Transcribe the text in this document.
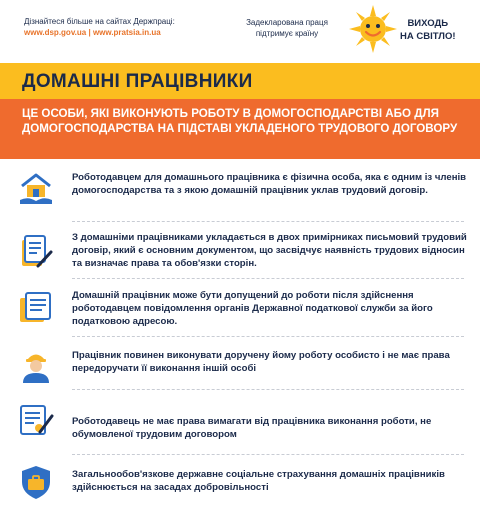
Дізнайтеся більше на сайтах Держпраці:
www.dsp.gov.ua | www.pratsia.in.ua
Задекларована праця
підтримує країну
ВИХОДЬ
НА СВІТЛО!
ДОМАШНІ ПРАЦІВНИКИ

ЦЕ ОСОБИ, ЯКІ ВИКОНУЮТЬ РОБОТУ В ДОМОГОСПОДАРСТВІ АБО ДЛЯ ДОМОГОСПОДАРСТВА НА ПІДСТАВІ УКЛАДЕНОГО ТРУДОВОГО ДОГОВОРУ

Роботодавцем для домашнього працівника є фізична особа, яка є одним із членів домогосподарства та з якою домашній працівник уклав трудовий договір.
З домашніми працівниками укладається в двох примірниках письмовий трудовий договір, який є основним документом, що засвідчує наявність трудових відносин та визначає права та обов'язки сторін.
Домашній працівник може бути допущений до роботи після здійснення роботодавцем повідомлення органів Державної податкової служби за його податковою адресою.
Працівник повинен виконувати доручену йому роботу особисто і не має права передоручати її виконання іншій особі
Роботодавець не має права вимагати від працівника виконання роботи, не обумовленої трудовим договором
Загальнообов'язкове державне соціальне страхування домашніх працівників здійснюється на засадах добровільності
